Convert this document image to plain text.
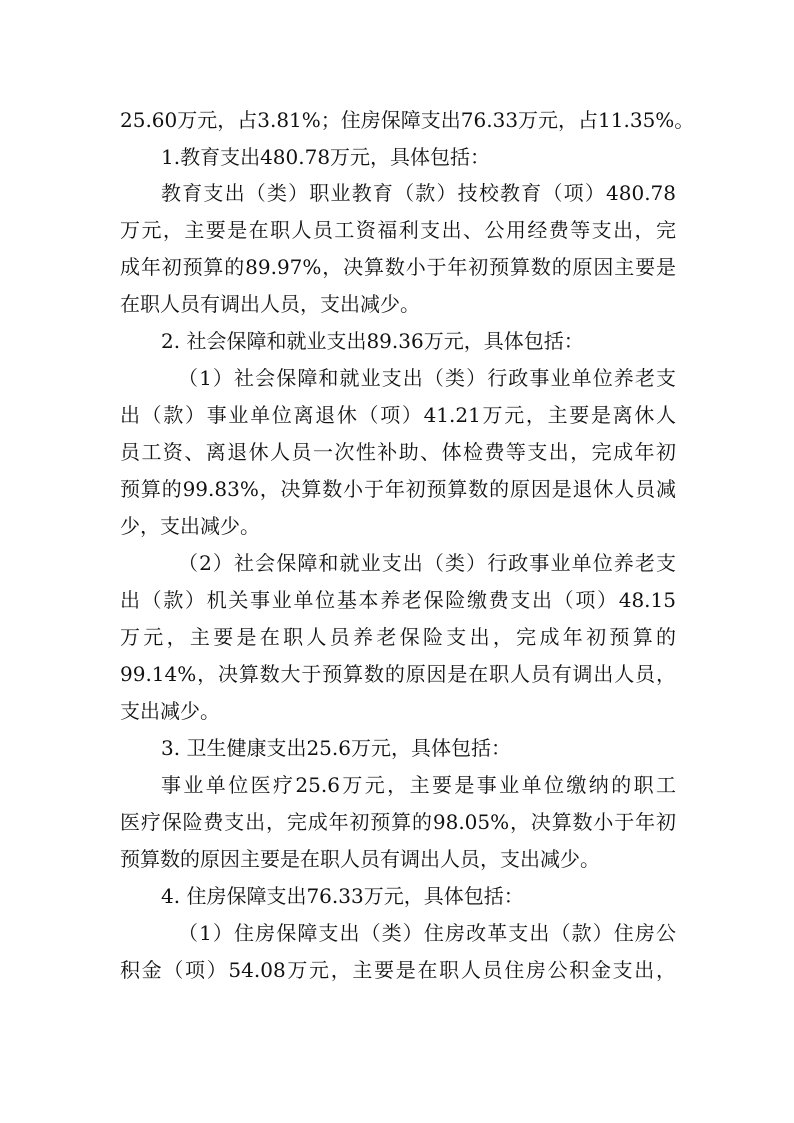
25.60万元，占3.81%；住房保障支出76.33万元，占11.35%。
1.教育支出480.78万元，具体包括：
教育支出（类）职业教育（款）技校教育（项）480.78
万元，主要是在职人员工资福利支出、公用经费等支出，完
成年初预算的89.97%，决算数小于年初预算数的原因主要是
在职人员有调出人员，支出减少。
2. 社会保障和就业支出89.36万元，具体包括：
（1）社会保障和就业支出（类）行政事业单位养老支
出（款）事业单位离退休（项）41.21万元，主要是离休人
员工资、离退休人员一次性补助、体检费等支出，完成年初
预算的99.83%，决算数小于年初预算数的原因是退休人员减
少，支出减少。
（2）社会保障和就业支出（类）行政事业单位养老支
出（款）机关事业单位基本养老保险缴费支出（项）48.15
万元，主要是在职人员养老保险支出，完成年初预算的
99.14%，决算数大于预算数的原因是在职人员有调出人员，
支出减少。
3. 卫生健康支出25.6万元，具体包括：
事业单位医疗25.6万元，主要是事业单位缴纳的职工
医疗保险费支出，完成年初预算的98.05%，决算数小于年初
预算数的原因主要是在职人员有调出人员，支出减少。
4. 住房保障支出76.33万元，具体包括：
（1）住房保障支出（类）住房改革支出（款）住房公
积金（项）54.08万元，主要是在职人员住房公积金支出，
